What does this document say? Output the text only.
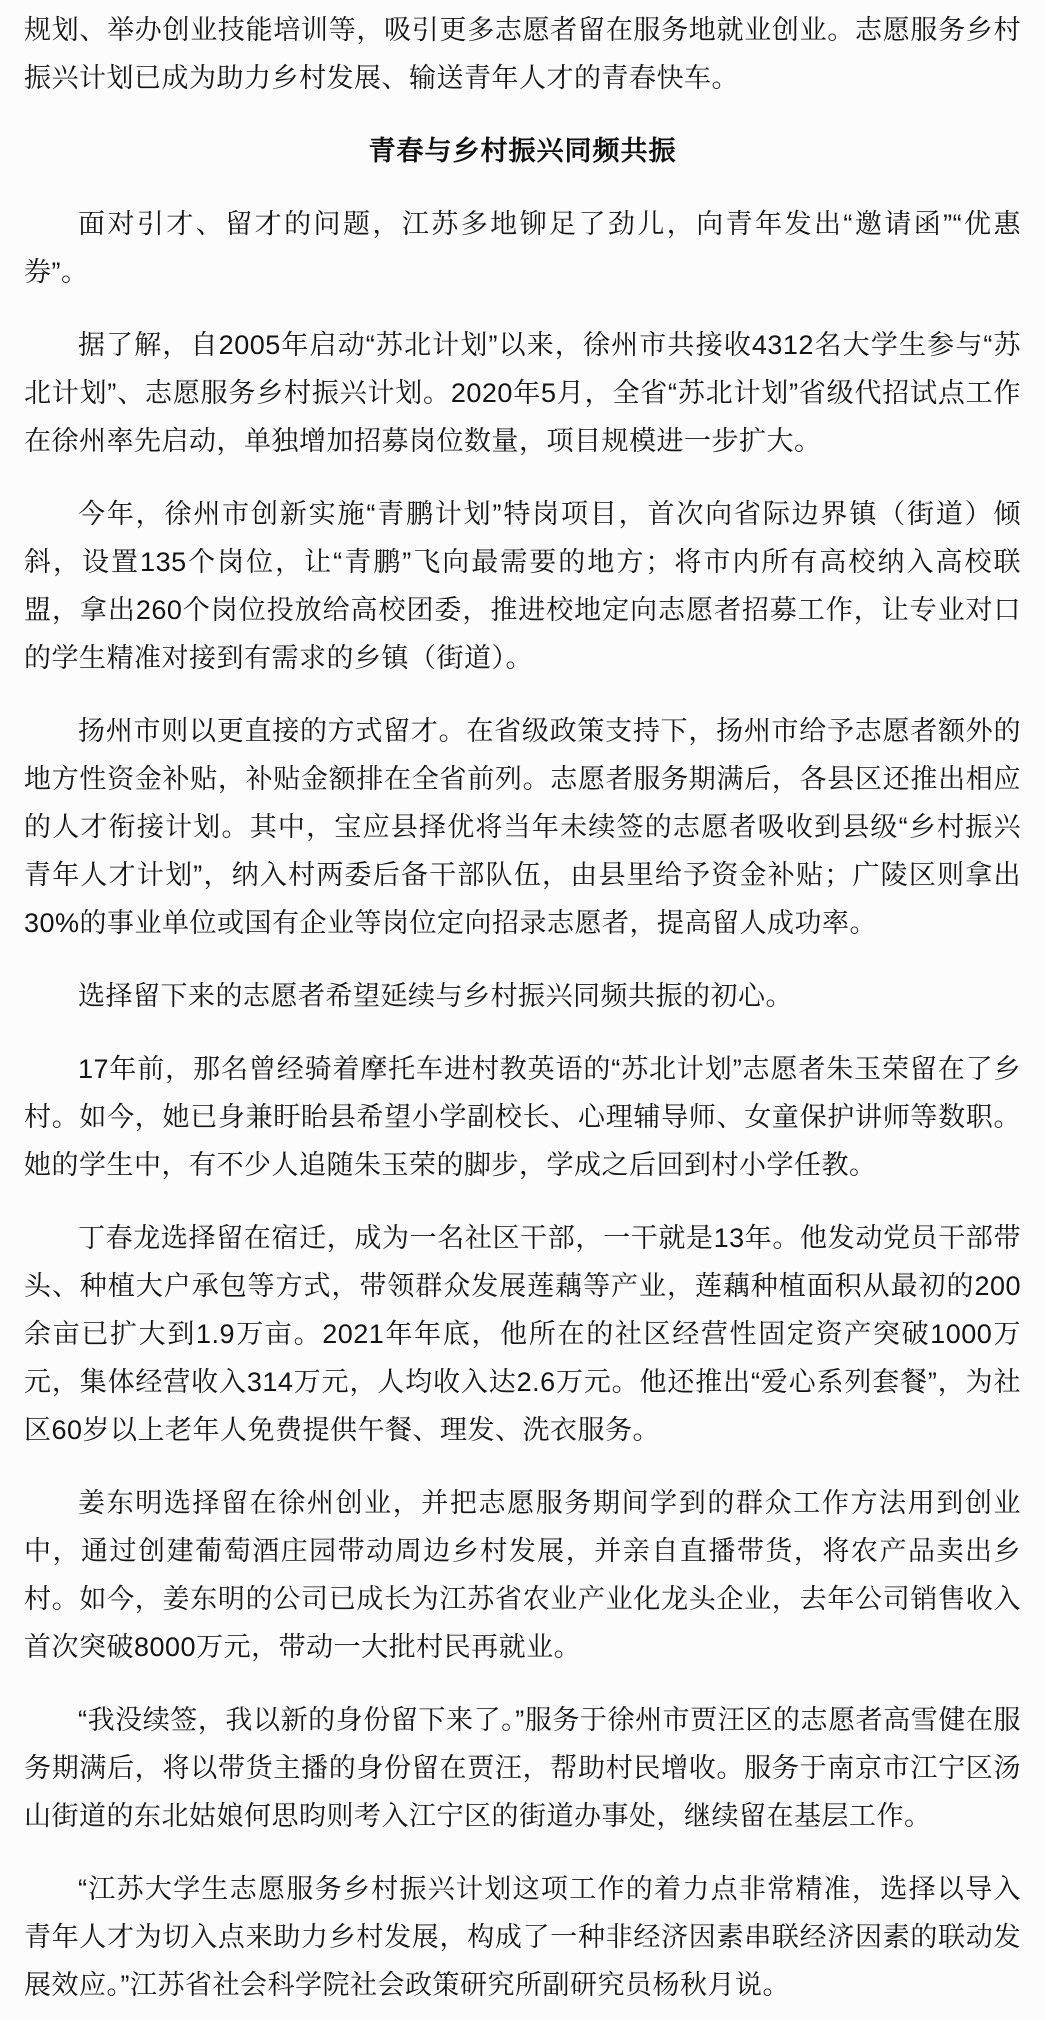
规划、举办创业技能培训等，吸引更多志愿者留在服务地就业创业。志愿服务乡村振兴计划已成为助力乡村发展、输送青年人才的青春快车。

青春与乡村振兴同频共振

面对引才、留才的问题，江苏多地铆足了劲儿，向青年发出“邀请函”“优惠券”。

据了解，自2005年启动“苏北计划”以来，徐州市共接收4312名大学生参与“苏北计划”、志愿服务乡村振兴计划。2020年5月，全省“苏北计划”省级代招试点工作在徐州率先启动，单独增加招募岗位数量，项目规模进一步扩大。

今年，徐州市创新实施“青鹏计划”特岗项目，首次向省际边界镇（街道）倾斜，设置135个岗位，让“青鹏”飞向最需要的地方；将市内所有高校纳入高校联盟，拿出260个岗位投放给高校团委，推进校地定向志愿者招募工作，让专业对口的学生精准对接到有需求的乡镇（街道）。

扬州市则以更直接的方式留才。在省级政策支持下，扬州市给予志愿者额外的地方性资金补贴，补贴金额排在全省前列。志愿者服务期满后，各县区还推出相应的人才衔接计划。其中，宝应县择优将当年未续签的志愿者吸收到县级“乡村振兴青年人才计划”，纳入村两委后备干部队伍，由县里给予资金补贴；广陵区则拿出30%的事业单位或国有企业等岗位定向招录志愿者，提高留人成功率。

选择留下来的志愿者希望延续与乡村振兴同频共振的初心。

17年前，那名曾经骑着摩托车进村教英语的“苏北计划”志愿者朱玉荣留在了乡村。如今，她已身兼盱眙县希望小学副校长、心理辅导师、女童保护讲师等数职。她的学生中，有不少人追随朱玉荣的脚步，学成之后回到村小学任教。

丁春龙选择留在宿迁，成为一名社区干部，一干就是13年。他发动党员干部带头、种植大户承包等方式，带领群众发展莲藕等产业，莲藕种植面积从最初的200余亩已扩大到1.9万亩。2021年年底，他所在的社区经营性固定资产突破1000万元，集体经营收入314万元，人均收入达2.6万元。他还推出“爱心系列套餐”，为社区60岁以上老年人免费提供午餐、理发、洗衣服务。

姜东明选择留在徐州创业，并把志愿服务期间学到的群众工作方法用到创业中，通过创建葡萄酒庄园带动周边乡村发展，并亲自直播带货，将农产品卖出乡村。如今，姜东明的公司已成长为江苏省农业产业化龙头企业，去年公司销售收入首次突破8000万元，带动一大批村民再就业。

“我没续签，我以新的身份留下来了。”服务于徐州市贾汪区的志愿者高雪健在服务期满后，将以带货主播的身份留在贾汪，帮助村民增收。服务于南京市江宁区汤山街道的东北姑娘何思昀则考入江宁区的街道办事处，继续留在基层工作。

“江苏大学生志愿服务乡村振兴计划这项工作的着力点非常精准，选择以导入青年人才为切入点来助力乡村发展，构成了一种非经济因素串联经济因素的联动发展效应。”江苏省社会科学院社会政策研究所副研究员杨秋月说。
